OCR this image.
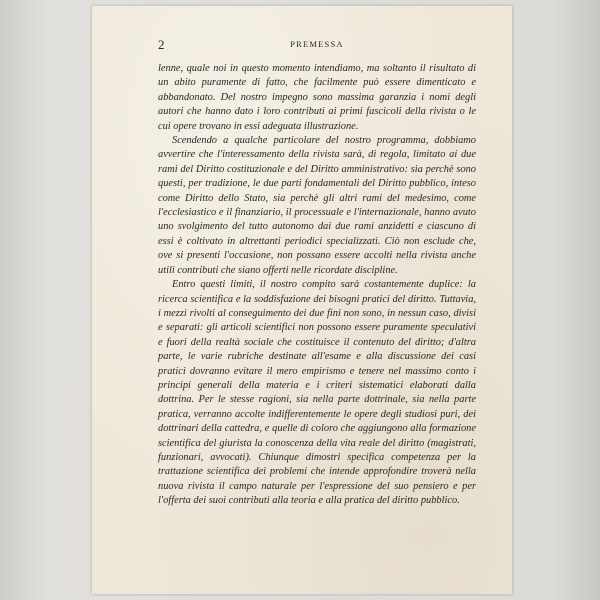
2	PREMESSA

lenne, quale noi in questo momento intendiamo, ma soltanto il risultato di un abito puramente di fatto, che facilmente può essere dimenticato e abbandonato. Del nostro impegno sono massima garanzia i nomi degli autori che hanno dato i loro contributi ai primi fascicoli della rivista o le cui opere trovano in essi adeguata illustrazione.

Scendendo a qualche particolare del nostro programma, dobbiamo avvertire che l'interessamento della rivista sarà, di regola, limitato ai due rami del Diritto costituzionale e del Diritto amministrativo: sia perchè sono questi, per tradizione, le due parti fondamentali del Diritto pubblico, inteso come Diritto dello Stato, sia perchè gli altri rami del medesimo, come l'ecclesiastico e il finanziario, il processuale e l'internazionale, hanno avuto uno svolgimento del tutto autonomo dai due rami anzidetti e ciascuno di essi è coltivato in altrettanti periodici specializzati. Ciò non esclude che, ove si presenti l'occasione, non possano essere accolti nella rivista anche utili contributi che siano offerti nelle ricordate discipline.

Entro questi limiti, il nostro compito sarà costantemente duplice: la ricerca scientifica e la soddisfazione dei bisogni pratici del diritto. Tuttavia, i mezzi rivolti al conseguimento dei due fini non sono, in nessun caso, divisi e separati: gli articoli scientifici non possono essere puramente speculativi e fuori della realtà sociale che costituisce il contenuto del diritto; d'altra parte, le varie rubriche destinate all'esame e alla discussione dei casi pratici dovranno evitare il mero empirismo e tenere nel massimo conto i principi generali della materia e i criteri sistematici elaborati dalla dottrina. Per le stesse ragioni, sia nella parte dottrinale, sia nella parte pratica, verranno accolte indifferentemente le opere degli studiosi puri, dei dottrinari della cattedra, e quelle di coloro che aggiungono alla formazione scientifica del giurista la conoscenza della vita reale del diritto (magistrati, funzionari, avvocati). Chiunque dimostri specifica competenza per la trattazione scientifica dei problemi che intende approfondire troverà nella nuova rivista il campo naturale per l'espressione del suo pensiero e per l'offerta dei suoi contributi alla teoria e alla pratica del diritto pubblico.
